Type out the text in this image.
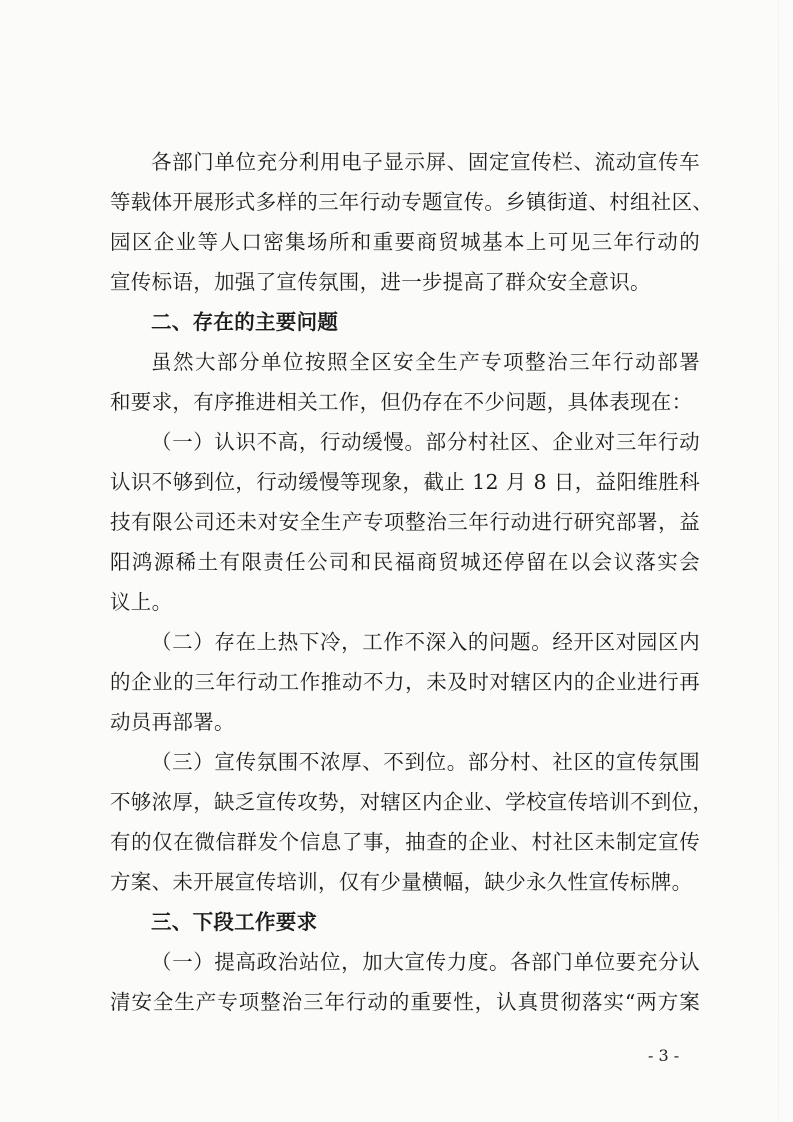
各部门单位充分利用电子显示屏、固定宣传栏、流动宣传车
等载体开展形式多样的三年行动专题宣传。乡镇街道、村组社区、
园区企业等人口密集场所和重要商贸城基本上可见三年行动的
宣传标语，加强了宣传氛围，进一步提高了群众安全意识。
二、存在的主要问题
虽然大部分单位按照全区安全生产专项整治三年行动部署
和要求，有序推进相关工作，但仍存在不少问题，具体表现在：
（一）认识不高，行动缓慢。部分村社区、企业对三年行动
认识不够到位，行动缓慢等现象，截止 12 月 8 日，益阳维胜科
技有限公司还未对安全生产专项整治三年行动进行研究部署，益
阳鸿源稀土有限责任公司和民福商贸城还停留在以会议落实会
议上。
（二）存在上热下冷，工作不深入的问题。经开区对园区内
的企业的三年行动工作推动不力，未及时对辖区内的企业进行再
动员再部署。
（三）宣传氛围不浓厚、不到位。部分村、社区的宣传氛围
不够浓厚，缺乏宣传攻势，对辖区内企业、学校宣传培训不到位，
有的仅在微信群发个信息了事，抽查的企业、村社区未制定宣传
方案、未开展宣传培训，仅有少量横幅，缺少永久性宣传标牌。
三、下段工作要求
（一）提高政治站位，加大宣传力度。各部门单位要充分认
清安全生产专项整治三年行动的重要性，认真贯彻落实“两方案
- 3 -
